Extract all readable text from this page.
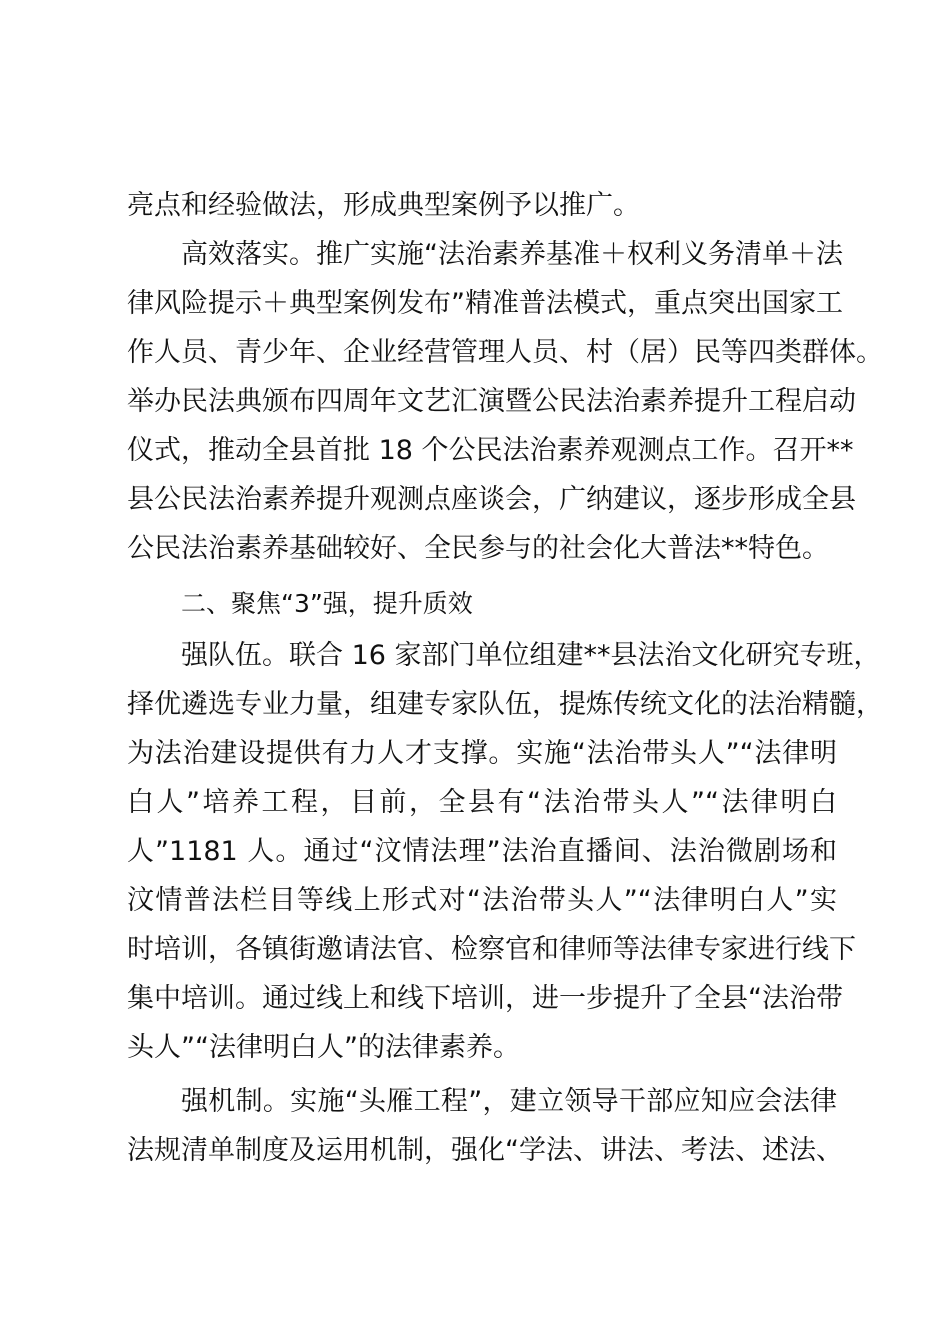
亮点和经验做法，形成典型案例予以推广。
高效落实。推广实施“法治素养基准＋权利义务清单＋法
律风险提示＋典型案例发布”精准普法模式，重点突出国家工
作人员、青少年、企业经营管理人员、村（居）民等四类群体。
举办民法典颁布四周年文艺汇演暨公民法治素养提升工程启动
仪式，推动全县首批 18 个公民法治素养观测点工作。召开**
县公民法治素养提升观测点座谈会，广纳建议，逐步形成全县
公民法治素养基础较好、全民参与的社会化大普法**特色。
二、聚焦“3”强，提升质效
强队伍。联合 16 家部门单位组建**县法治文化研究专班，
择优遴选专业力量，组建专家队伍，提炼传统文化的法治精髓，
为法治建设提供有力人才支撑。实施“法治带头人”“法律明
白人”培养工程，目前，全县有“法治带头人”“法律明白
人”1181 人。通过“汶情法理”法治直播间、法治微剧场和
汶情普法栏目等线上形式对“法治带头人”“法律明白人”实
时培训，各镇街邀请法官、检察官和律师等法律专家进行线下
集中培训。通过线上和线下培训，进一步提升了全县“法治带
头人”“法律明白人”的法律素养。
强机制。实施“头雁工程”，建立领导干部应知应会法律
法规清单制度及运用机制，强化“学法、讲法、考法、述法、
